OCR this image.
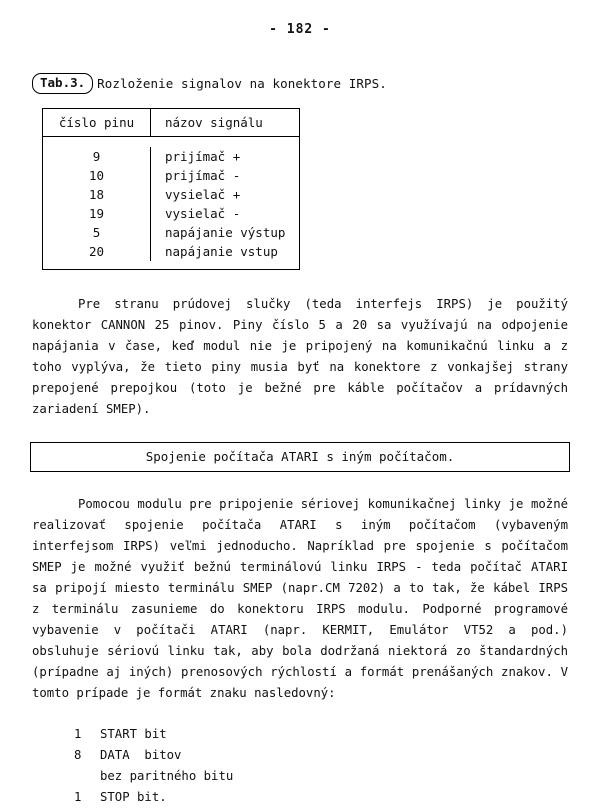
- 182 -
Tab.3. Rozloženie signalov na konektore IRPS.
číslo pinu	názov signálu
9	prijímač +
10	prijímač -
18	vysielač +
19	vysielač -
5	napájanie výstup
20	napájanie vstup

Pre stranu prúdovej slučky (teda interfejs IRPS) je použitý konektor CANNON 25 pinov. Piny číslo 5 a 20 sa využívajú na odpojenie napájania v čase, keď modul nie je pripojený na komunikačnú linku a z toho vyplýva, že tieto piny musia byť na konektore z vonkajšej strany prepojené prepojkou (toto je bežné pre káble počítačov a prídavných zariadení SMEP).

Spojenie počítača ATARI s iným počítačom.

Pomocou modulu pre pripojenie sériovej komunikačnej linky je možné realizovať spojenie počítača ATARI s iným počítačom (vybaveným interfejsom IRPS) veľmi jednoducho. Napríklad pre spojenie s počítačom SMEP je možné využiť bežnú terminálovú linku IRPS - teda počítač ATARI sa pripojí miesto terminálu SMEP (napr.CM 7202) a to tak, že kábel IRPS z terminálu zasunieme do konektoru IRPS modulu. Podporné programové vybavenie v počítači ATARI (napr. KERMIT, Emulátor VT52 a pod.) obsluhuje sériovú linku tak, aby bola dodržaná niektorá zo štandardných (prípadne aj iných) prenosových rýchlostí a formát prenášaných znakov. V tomto prípade je formát znaku nasledovný:

1	START bit
8	DATA  bitov
bez paritného bitu
1	STOP bit.
